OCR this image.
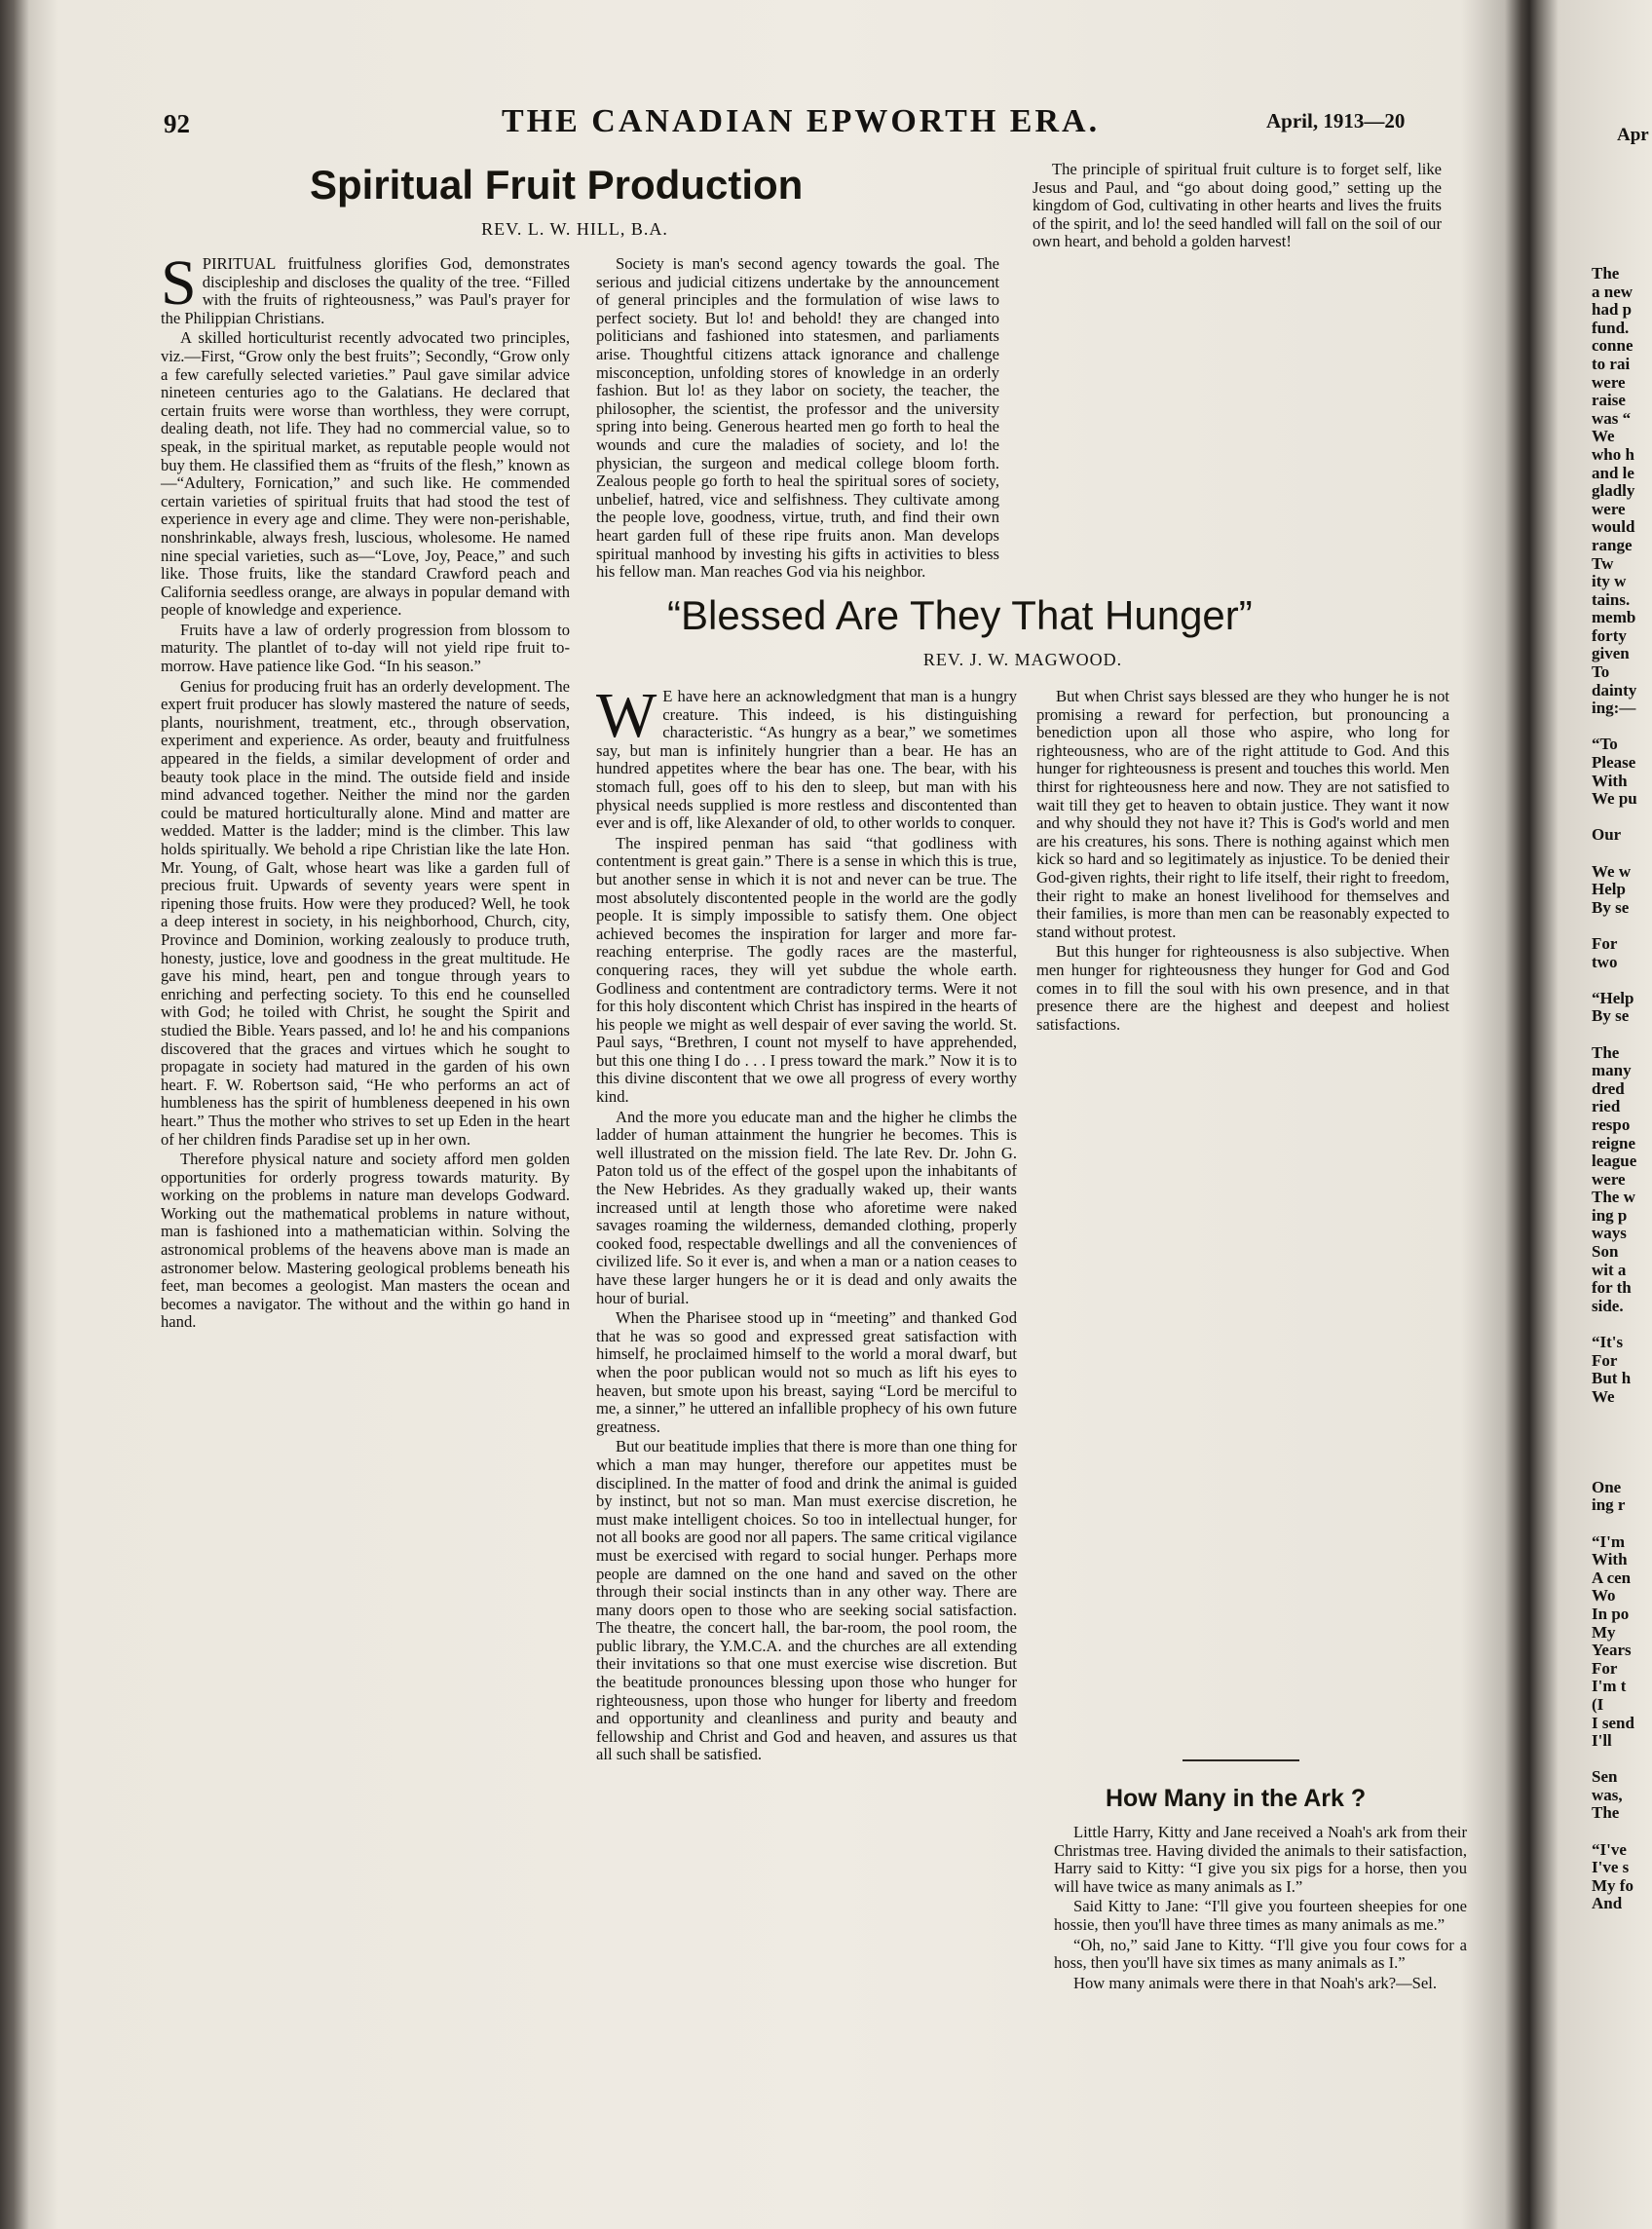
92	THE CANADIAN EPWORTH ERA.	April, 1913—20
Apr
Spiritual Fruit Production
REV. L. W. HILL, B.A.

SPIRITUAL fruitfulness glorifies God, demonstrates discipleship and discloses the quality of the tree. “Filled with the fruits of righteousness,” was Paul's prayer for the Philippian Christians.

A skilled horticulturist recently advocated two principles, viz.—First, “Grow only the best fruits”; Secondly, “Grow only a few carefully selected varieties.” Paul gave similar advice nineteen centuries ago to the Galatians. He declared that certain fruits were worse than worthless, they were corrupt, dealing death, not life. They had no commercial value, so to speak, in the spiritual market, as reputable people would not buy them. He classified them as “fruits of the flesh,” known as—“Adultery, Fornication,” and such like. He commended certain varieties of spiritual fruits that had stood the test of experience in every age and clime. They were non-perishable, nonshrinkable, always fresh, luscious, wholesome. He named nine special varieties, such as—“Love, Joy, Peace,” and such like. Those fruits, like the standard Crawford peach and California seedless orange, are always in popular demand with people of knowledge and experience.

Fruits have a law of orderly progression from blossom to maturity. The plantlet of to-day will not yield ripe fruit to-morrow. Have patience like God. “In his season.”

Genius for producing fruit has an orderly development. The expert fruit producer has slowly mastered the nature of seeds, plants, nourishment, treatment, etc., through observation, experiment and experience. As order, beauty and fruitfulness appeared in the fields, a similar development of order and beauty took place in the mind. The outside field and inside mind advanced together. Neither the mind nor the garden could be matured horticulturally alone. Mind and matter are wedded. Matter is the ladder; mind is the climber. This law holds spiritually. We behold a ripe Christian like the late Hon. Mr. Young, of Galt, whose heart was like a garden full of precious fruit. Upwards of seventy years were spent in ripening those fruits. How were they produced? Well, he took a deep interest in society, in his neighborhood, Church, city, Province and Dominion, working zealously to produce truth, honesty, justice, love and goodness in the great multitude. He gave his mind, heart, pen and tongue through years to enriching and perfecting society. To this end he counselled with God; he toiled with Christ, he sought the Spirit and studied the Bible. Years passed, and lo! he and his companions discovered that the graces and virtues which he sought to propagate in society had matured in the garden of his own heart. F. W. Robertson said, “He who performs an act of humbleness has the spirit of humbleness deepened in his own heart.” Thus the mother who strives to set up Eden in the heart of her children finds Paradise set up in her own.

Therefore physical nature and society afford men golden opportunities for orderly progress towards maturity. By working on the problems in nature man develops Godward. Working out the mathematical problems in nature without, man is fashioned into a mathematician within. Solving the astronomical problems of the heavens above man is made an astronomer below. Mastering geological problems beneath his feet, man becomes a geologist. Man masters the ocean and becomes a navigator. The without and the within go hand in hand.

Society is man's second agency towards the goal. The serious and judicial citizens undertake by the announcement of general principles and the formulation of wise laws to perfect society. But lo! and behold! they are changed into politicians and fashioned into statesmen, and parliaments arise. Thoughtful citizens attack ignorance and challenge misconception, unfolding stores of knowledge in an orderly fashion. But lo! as they labor on society, the teacher, the philosopher, the scientist, the professor and the university spring into being. Generous hearted men go forth to heal the wounds and cure the maladies of society, and lo! the physician, the surgeon and medical college bloom forth. Zealous people go forth to heal the spiritual sores of society, unbelief, hatred, vice and selfishness. They cultivate among the people love, goodness, virtue, truth, and find their own heart garden full of these ripe fruits anon. Man develops spiritual manhood by investing his gifts in activities to bless his fellow man. Man reaches God via his neighbor.

The principle of spiritual fruit culture is to forget self, like Jesus and Paul, and “go about doing good,” setting up the kingdom of God, cultivating in other hearts and lives the fruits of the spirit, and lo! the seed handled will fall on the soil of our own heart, and behold a golden harvest!

“Blessed Are They That Hunger”
REV. J. W. MAGWOOD.

W E have here an acknowledgment that man is a hungry creature. This indeed, is his distinguishing characteristic. “As hungry as a bear,” we sometimes say, but man is infinitely hungrier than a bear. He has an hundred appetites where the bear has one. The bear, with his stomach full, goes off to his den to sleep, but man with his physical needs supplied is more restless and discontented than ever and is off, like Alexander of old, to other worlds to conquer.

The inspired penman has said “that godliness with contentment is great gain.” There is a sense in which this is true, but another sense in which it is not and never can be true. The most absolutely discontented people in the world are the godly people. It is simply impossible to satisfy them. One object achieved becomes the inspiration for larger and more far-reaching enterprise. The godly races are the masterful, conquering races, they will yet subdue the whole earth. Godliness and contentment are contradictory terms. Were it not for this holy discontent which Christ has inspired in the hearts of his people we might as well despair of ever saving the world. St. Paul says, “Brethren, I count not myself to have apprehended, but this one thing I do . . . I press toward the mark.” Now it is to this divine discontent that we owe all progress of every worthy kind.

And the more you educate man and the higher he climbs the ladder of human attainment the hungrier he becomes. This is well illustrated on the mission field. The late Rev. Dr. John G. Paton told us of the effect of the gospel upon the inhabitants of the New Hebrides. As they gradually waked up, their wants increased until at length those who aforetime were naked savages roaming the wilderness, demanded clothing, properly cooked food, respectable dwellings and all the conveniences of civilized life. So it ever is, and when a man or a nation ceases to have these larger hungers he or it is dead and only awaits the hour of burial.

When the Pharisee stood up in “meeting” and thanked God that he was so good and expressed great satisfaction with himself, he proclaimed himself to the world a moral dwarf, but when the poor publican would not so much as lift his eyes to heaven, but smote upon his breast, saying “Lord be merciful to me, a sinner,” he uttered an infallible prophecy of his own future greatness.

But our beatitude implies that there is more than one thing for which a man may hunger, therefore our appetites must be disciplined. In the matter of food and drink the animal is guided by instinct, but not so man. Man must exercise discretion, he must make intelligent choices. So too in intellectual hunger, for not all books are good nor all papers. The same critical vigilance must be exercised with regard to social hunger. Perhaps more people are damned on the one hand and saved on the other through their social instincts than in any other way. There are many doors open to those who are seeking social satisfaction. The theatre, the concert hall, the bar-room, the pool room, the public library, the Y.M.C.A. and the churches are all extending their invitations so that one must exercise wise discretion. But the beatitude pronounces blessing upon those who hunger for righteousness, upon those who hunger for liberty and freedom and opportunity and cleanliness and purity and beauty and fellowship and Christ and God and heaven, and assures us that all such shall be satisfied.

But when Christ says blessed are they who hunger he is not promising a reward for perfection, but pronouncing a benediction upon all those who aspire, who long for righteousness, who are of the right attitude to God. And this hunger for righteousness is present and touches this world. Men thirst for righteousness here and now. They are not satisfied to wait till they get to heaven to obtain justice. They want it now and why should they not have it? This is God's world and men are his creatures, his sons. There is nothing against which men kick so hard and so legitimately as injustice. To be denied their God-given rights, their right to life itself, their right to freedom, their right to make an honest livelihood for themselves and their families, is more than men can be reasonably expected to stand without protest.

But this hunger for righteousness is also subjective. When men hunger for righteousness they hunger for God and God comes in to fill the soul with his own presence, and in that presence there are the highest and deepest and holiest satisfactions.

How Many in the Ark ?

Little Harry, Kitty and Jane received a Noah's ark from their Christmas tree. Having divided the animals to their satisfaction, Harry said to Kitty: “I give you six pigs for a horse, then you will have twice as many animals as I.”

Said Kitty to Jane: “I'll give you fourteen sheepies for one hossie, then you'll have three times as many animals as me.”

“Oh, no,” said Jane to Kitty. “I'll give you four cows for a hoss, then you'll have six times as many animals as I.”

How many animals were there in that Noah's ark?—Sel.

The
a new
had p
fund.
conne
to rai
were
raise
was “
We
who h
and le
gladly
were
would
range
Tw
ity w
tains.
memb
forty
given
To
dainty
ing:—

“To
Please
With
We pu

Our

We w
Help
By se

For
two

“Help
By se

The
many
dred
ried
respo
reigne
league
were
The w
ing p
ways
Son
wit a
for th
side.

“It's
For
But h
We

One
ing r

“I'm
With
A cen
Wo
In po
My
Years
For
I'm t
(I
I send
I'll

Sen
was,
The

“I've
I've s
My fo
And
